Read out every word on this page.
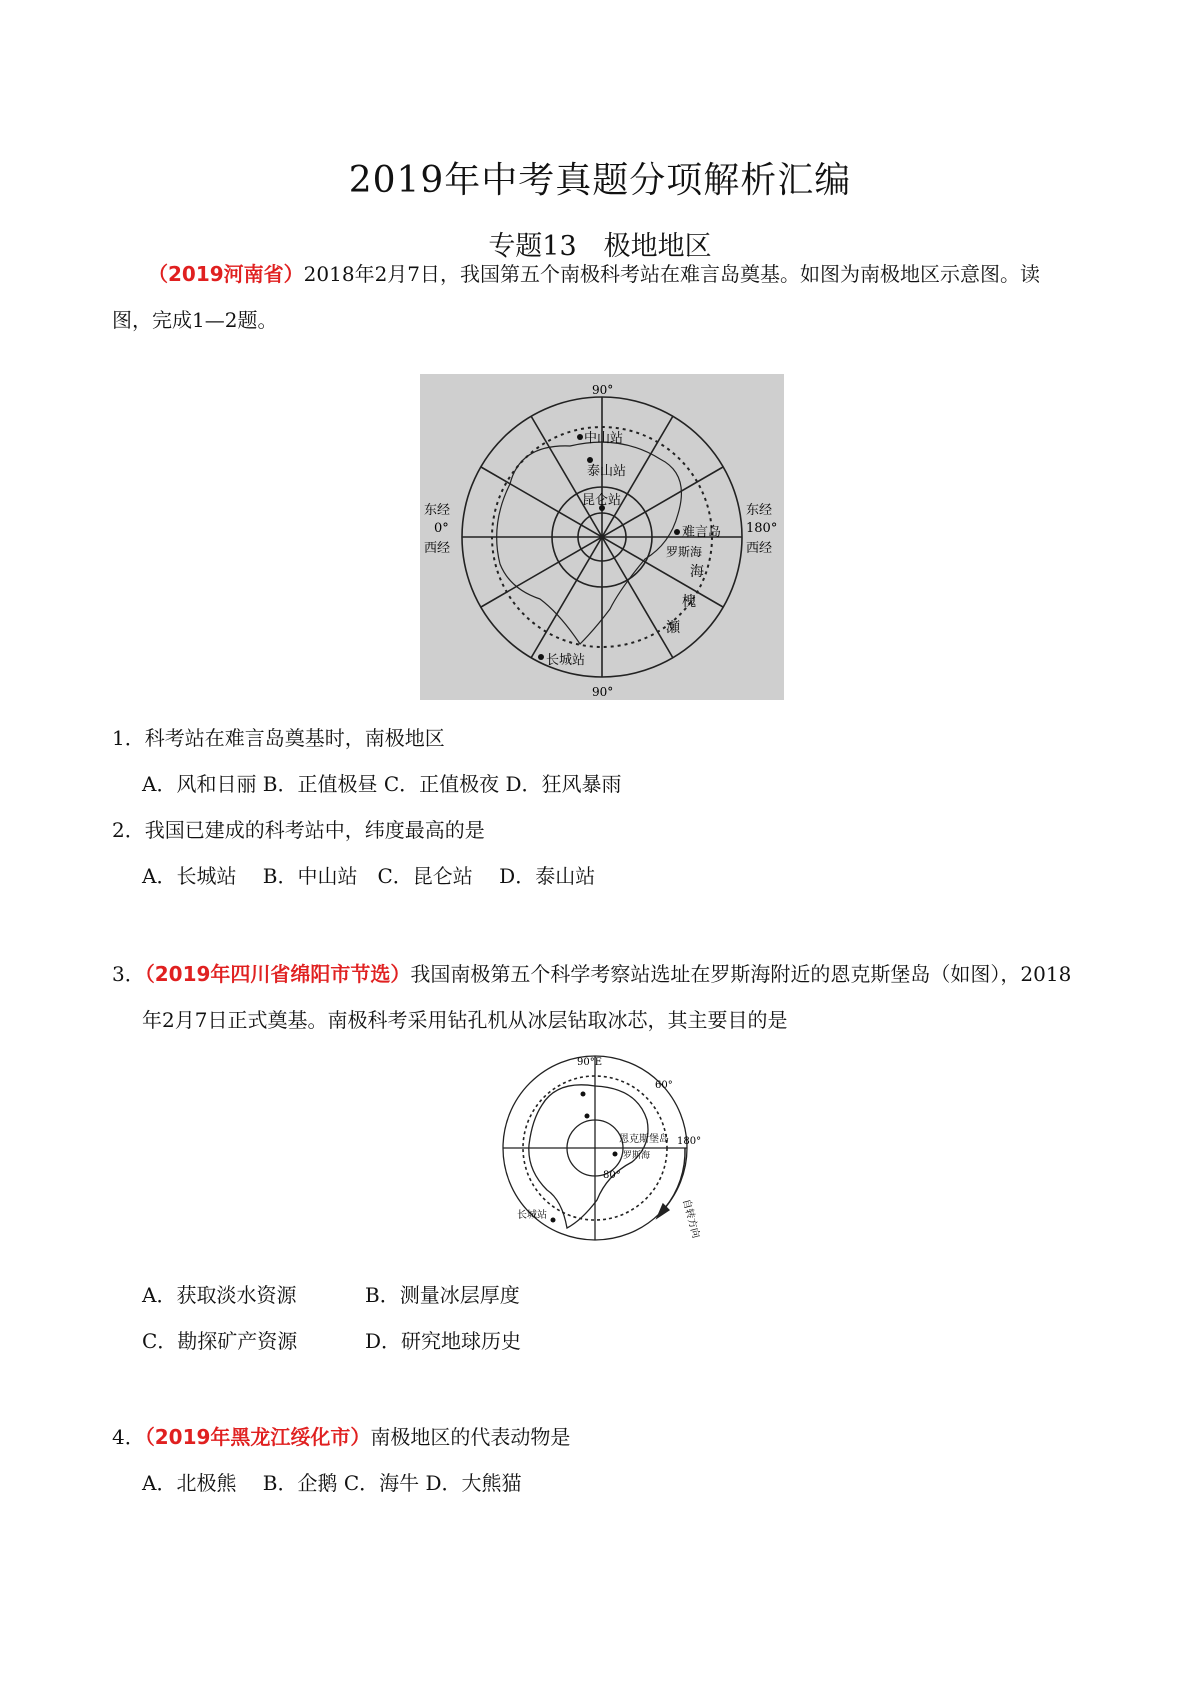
2019年中考真题分项解析汇编
专题13　极地地区
（2019河南省）2018年2月7日，我国第五个南极科考站在难言岛奠基。如图为南极地区示意图。读
图，完成1—2题。
90°
90°
东经
0°
西经
东经
180°
西经
中山站
泰山站
昆仑站
难言岛
罗斯海
海
槐
瀬
长城站
1．科考站在难言岛奠基时，南极地区
A．风和日丽 B．正值极昼 C．正值极夜 D．狂风暴雨
2．我国已建成的科考站中，纬度最高的是
A．长城站　 B．中山站　C．昆仑站　 D．泰山站
3．（2019年四川省绵阳市节选）我国南极第五个科学考察站选址在罗斯海附近的恩克斯堡岛（如图），2018
年2月7日正式奠基。南极科考采用钻孔机从冰层钻取冰芯，其主要目的是
90°E
60°
180°
80°
恩克斯堡岛
罗斯海
长城站	自转方向
A．获取淡水资源	B．测量冰层厚度
C．勘探矿产资源	D．研究地球历史
4．（2019年黑龙江绥化市）南极地区的代表动物是
A．北极熊　 B．企鹅 C．海牛 D．大熊猫
